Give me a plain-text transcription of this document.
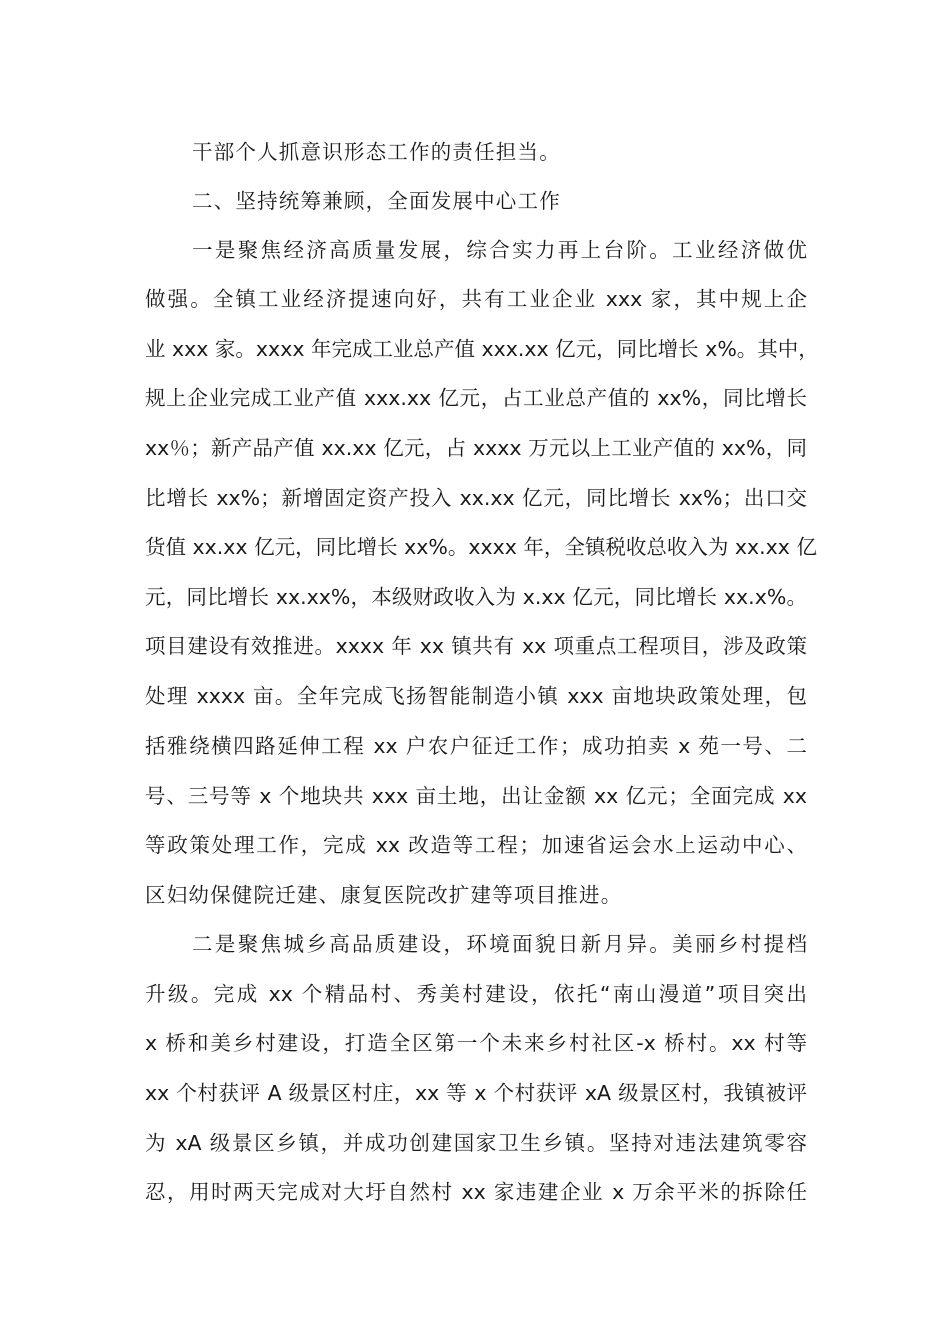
干部个人抓意识形态工作的责任担当。
二、坚持统筹兼顾，全面发展中心工作
一是聚焦经济高质量发展，综合实力再上台阶。工业经济做优
做强。全镇工业经济提速向好，共有工业企业 xxx 家，其中规上企
业 xxx 家。xxxx 年完成工业总产值 xxx.xx 亿元，同比增长 x%。其中，
规上企业完成工业产值 xxx.xx 亿元，占工业总产值的 xx%，同比增长
xx％；新产品产值 xx.xx 亿元，占 xxxx 万元以上工业产值的 xx%，同
比增长 xx%；新增固定资产投入 xx.xx 亿元，同比增长 xx%；出口交
货值 xx.xx 亿元，同比增长 xx%。xxxx 年，全镇税收总收入为 xx.xx 亿
元，同比增长 xx.xx%，本级财政收入为 x.xx 亿元，同比增长 xx.x%。
项目建设有效推进。xxxx 年 xx 镇共有 xx 项重点工程项目，涉及政策
处理 xxxx 亩。全年完成飞扬智能制造小镇 xxx 亩地块政策处理，包
括雅绕横四路延伸工程 xx 户农户征迁工作；成功拍卖 x 苑一号、二
号、三号等 x 个地块共 xxx 亩土地，出让金额 xx 亿元；全面完成 xx
等政策处理工作，完成 xx 改造等工程；加速省运会水上运动中心、
区妇幼保健院迁建、康复医院改扩建等项目推进。
二是聚焦城乡高品质建设，环境面貌日新月异。美丽乡村提档
升级。完成 xx 个精品村、秀美村建设，依托“南山漫道”项目突出
x 桥和美乡村建设，打造全区第一个未来乡村社区-x 桥村。xx 村等
xx 个村获评 A 级景区村庄，xx 等 x 个村获评 xA 级景区村，我镇被评
为 xA 级景区乡镇，并成功创建国家卫生乡镇。坚持对违法建筑零容
忍，用时两天完成对大圩自然村 xx 家违建企业 x 万余平米的拆除任
